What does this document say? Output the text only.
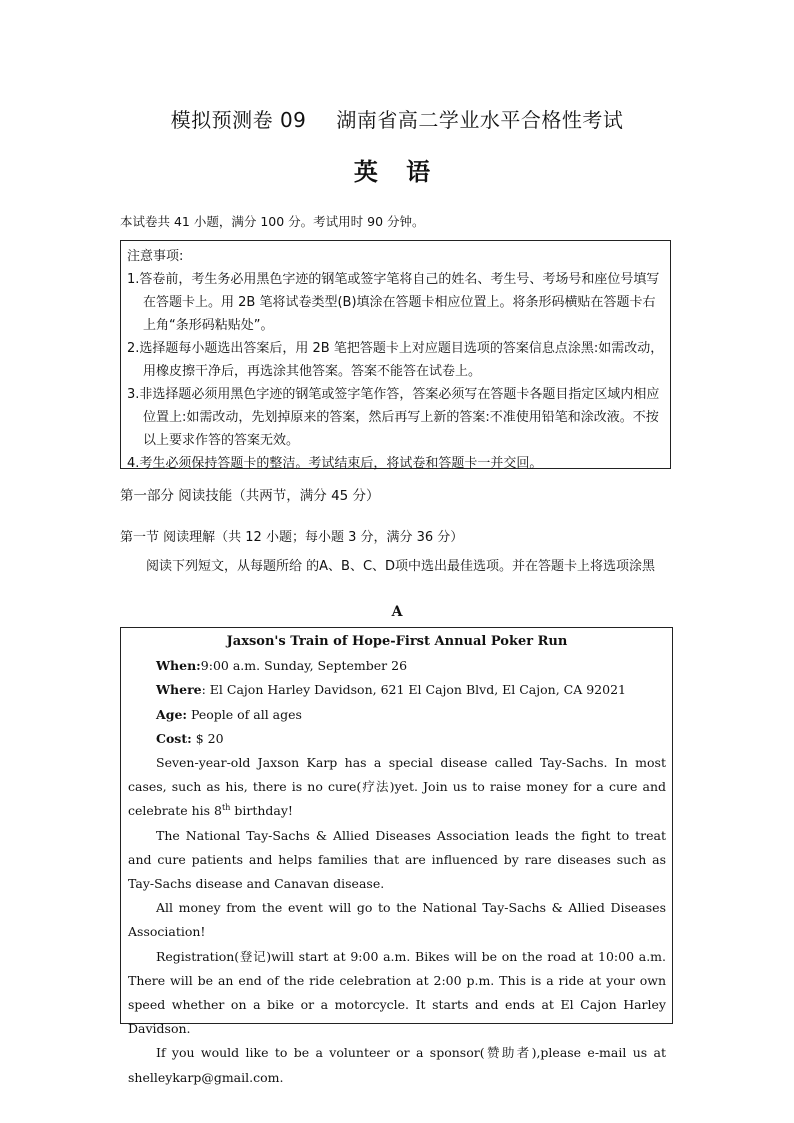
模拟预测卷 09 湖南省高二学业水平合格性考试
英 语
本试卷共 41 小题，满分 100 分。考试用时 90 分钟。
注意事项:
1.答卷前，考生务必用黑色字迹的钢笔或签字笔将自己的姓名、考生号、考场号和座位号填写在答题卡上。用 2B 笔将试卷类型(B)填涂在答题卡相应位置上。将条形码横贴在答题卡右上角“条形码粘贴处”。
2.选择题每小题选出答案后，用 2B 笔把答题卡上对应题目选项的答案信息点涂黑:如需改动，用橡皮擦干净后，再选涂其他答案。答案不能答在试卷上。
3.非选择题必须用黑色字迹的钢笔或签字笔作答，答案必须写在答题卡各题目指定区域内相应位置上:如需改动，先划掉原来的答案，然后再写上新的答案:不准使用铅笔和涂改液。不按以上要求作答的答案无效。
4.考生必须保持答题卡的整洁。考试结束后，将试卷和答题卡一并交回。
第一部分 阅读技能（共两节，满分 45 分）
第一节 阅读理解（共 12 小题；每小题 3 分，满分 36 分）
阅读下列短文，从每题所给 的A、B、C、D项中选出最佳选项。并在答题卡上将选项涂黑
A
Jaxson's Train of Hope-First Annual Poker Run
When:9:00 a.m. Sunday, September 26
Where: El Cajon Harley Davidson, 621 El Cajon Blvd, El Cajon, CA 92021
Age: People of all ages
Cost: $ 20

Seven-year-old Jaxson Karp has a special disease called Tay-Sachs. In most cases, such as his, there is no cure(疗法)yet. Join us to raise money for a cure and celebrate his 8th birthday!

The National Tay-Sachs & Allied Diseases Association leads the fight to treat and cure patients and helps families that are influenced by rare diseases such as Tay-Sachs disease and Canavan disease.

All money from the event will go to the National Tay-Sachs & Allied Diseases Association!

Registration(登记)will start at 9:00 a.m. Bikes will be on the road at 10:00 a.m. There will be an end of the ride celebration at 2:00 p.m. This is a ride at your own speed whether on a bike or a motorcycle. It starts and ends at El Cajon Harley Davidson.

If you would like to be a volunteer or a sponsor(赞助者),please e-mail us at shelleykarp@gmail.com.
